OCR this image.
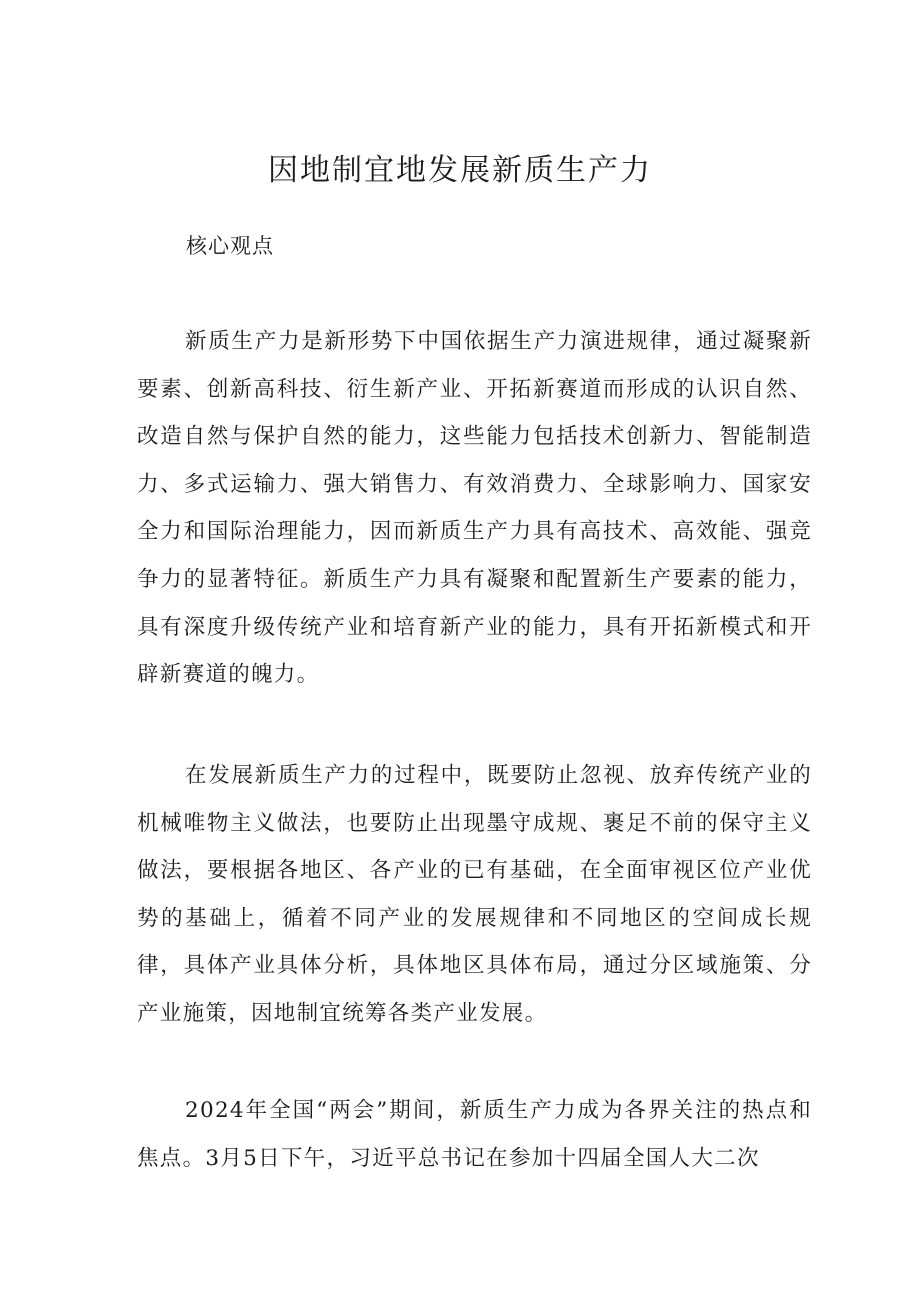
因地制宜地发展新质生产力

核心观点

新质生产力是新形势下中国依据生产力演进规律，通过凝聚新要素、创新高科技、衍生新产业、开拓新赛道而形成的认识自然、改造自然与保护自然的能力，这些能力包括技术创新力、智能制造力、多式运输力、强大销售力、有效消费力、全球影响力、国家安全力和国际治理能力，因而新质生产力具有高技术、高效能、强竞争力的显著特征。新质生产力具有凝聚和配置新生产要素的能力，具有深度升级传统产业和培育新产业的能力，具有开拓新模式和开辟新赛道的魄力。

在发展新质生产力的过程中，既要防止忽视、放弃传统产业的机械唯物主义做法，也要防止出现墨守成规、裹足不前的保守主义做法，要根据各地区、各产业的已有基础，在全面审视区位产业优势的基础上，循着不同产业的发展规律和不同地区的空间成长规律，具体产业具体分析，具体地区具体布局，通过分区域施策、分产业施策，因地制宜统筹各类产业发展。

2024年全国“两会”期间，新质生产力成为各界关注的热点和焦点。3月5日下午，习近平总书记在参加十四届全国人大二次
